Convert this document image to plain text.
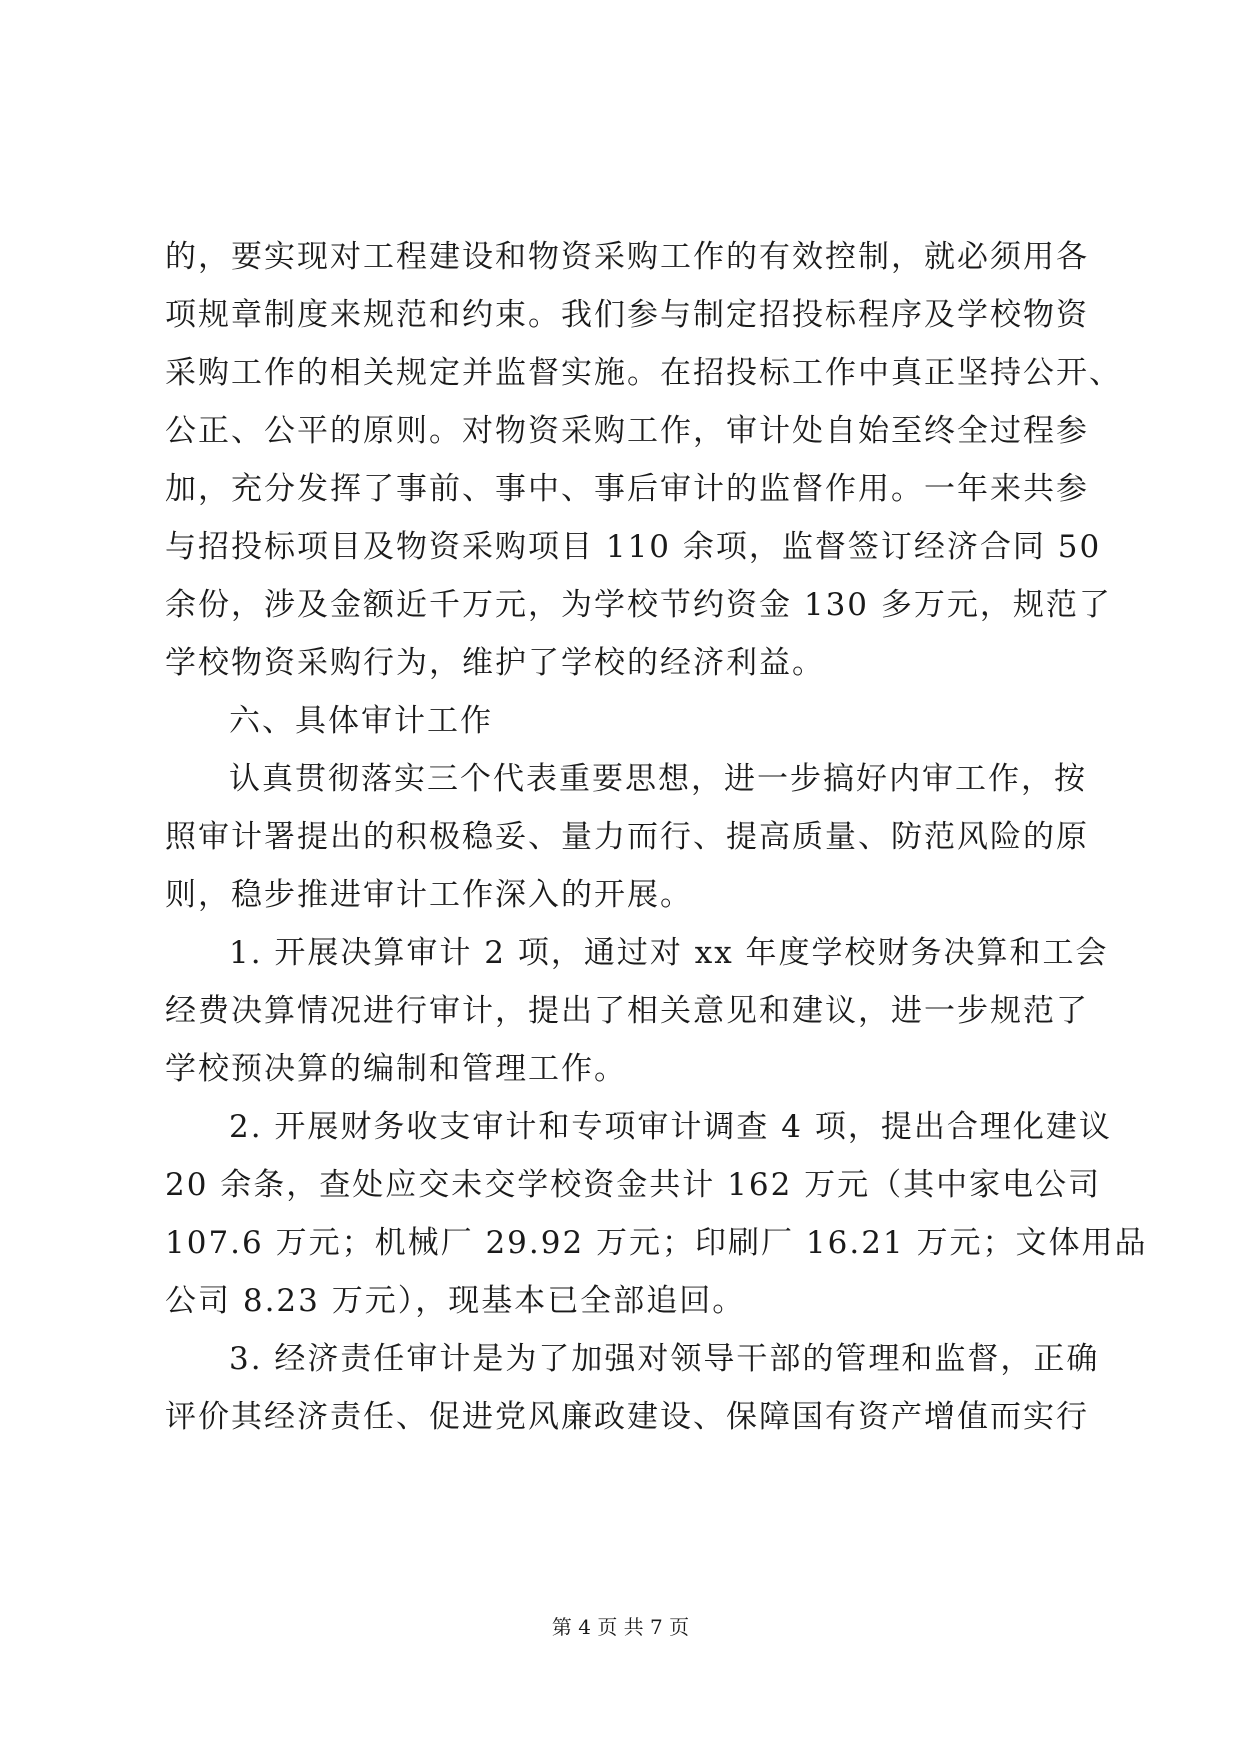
的，要实现对工程建设和物资采购工作的有效控制，就必须用各
项规章制度来规范和约束。我们参与制定招投标程序及学校物资
采购工作的相关规定并监督实施。在招投标工作中真正坚持公开、
公正、公平的原则。对物资采购工作，审计处自始至终全过程参
加，充分发挥了事前、事中、事后审计的监督作用。一年来共参
与招投标项目及物资采购项目 110 余项，监督签订经济合同 50
余份，涉及金额近千万元，为学校节约资金 130 多万元，规范了
学校物资采购行为，维护了学校的经济利益。
六、具体审计工作
认真贯彻落实三个代表重要思想，进一步搞好内审工作，按
照审计署提出的积极稳妥、量力而行、提高质量、防范风险的原
则，稳步推进审计工作深入的开展。
1. 开展决算审计 2 项，通过对 xx 年度学校财务决算和工会
经费决算情况进行审计，提出了相关意见和建议，进一步规范了
学校预决算的编制和管理工作。
2. 开展财务收支审计和专项审计调查 4 项，提出合理化建议
20 余条，查处应交未交学校资金共计 162 万元（其中家电公司
107.6 万元；机械厂 29.92 万元；印刷厂 16.21 万元；文体用品
公司 8.23 万元），现基本已全部追回。
3. 经济责任审计是为了加强对领导干部的管理和监督，正确
评价其经济责任、促进党风廉政建设、保障国有资产增值而实行
第 4 页 共 7 页
